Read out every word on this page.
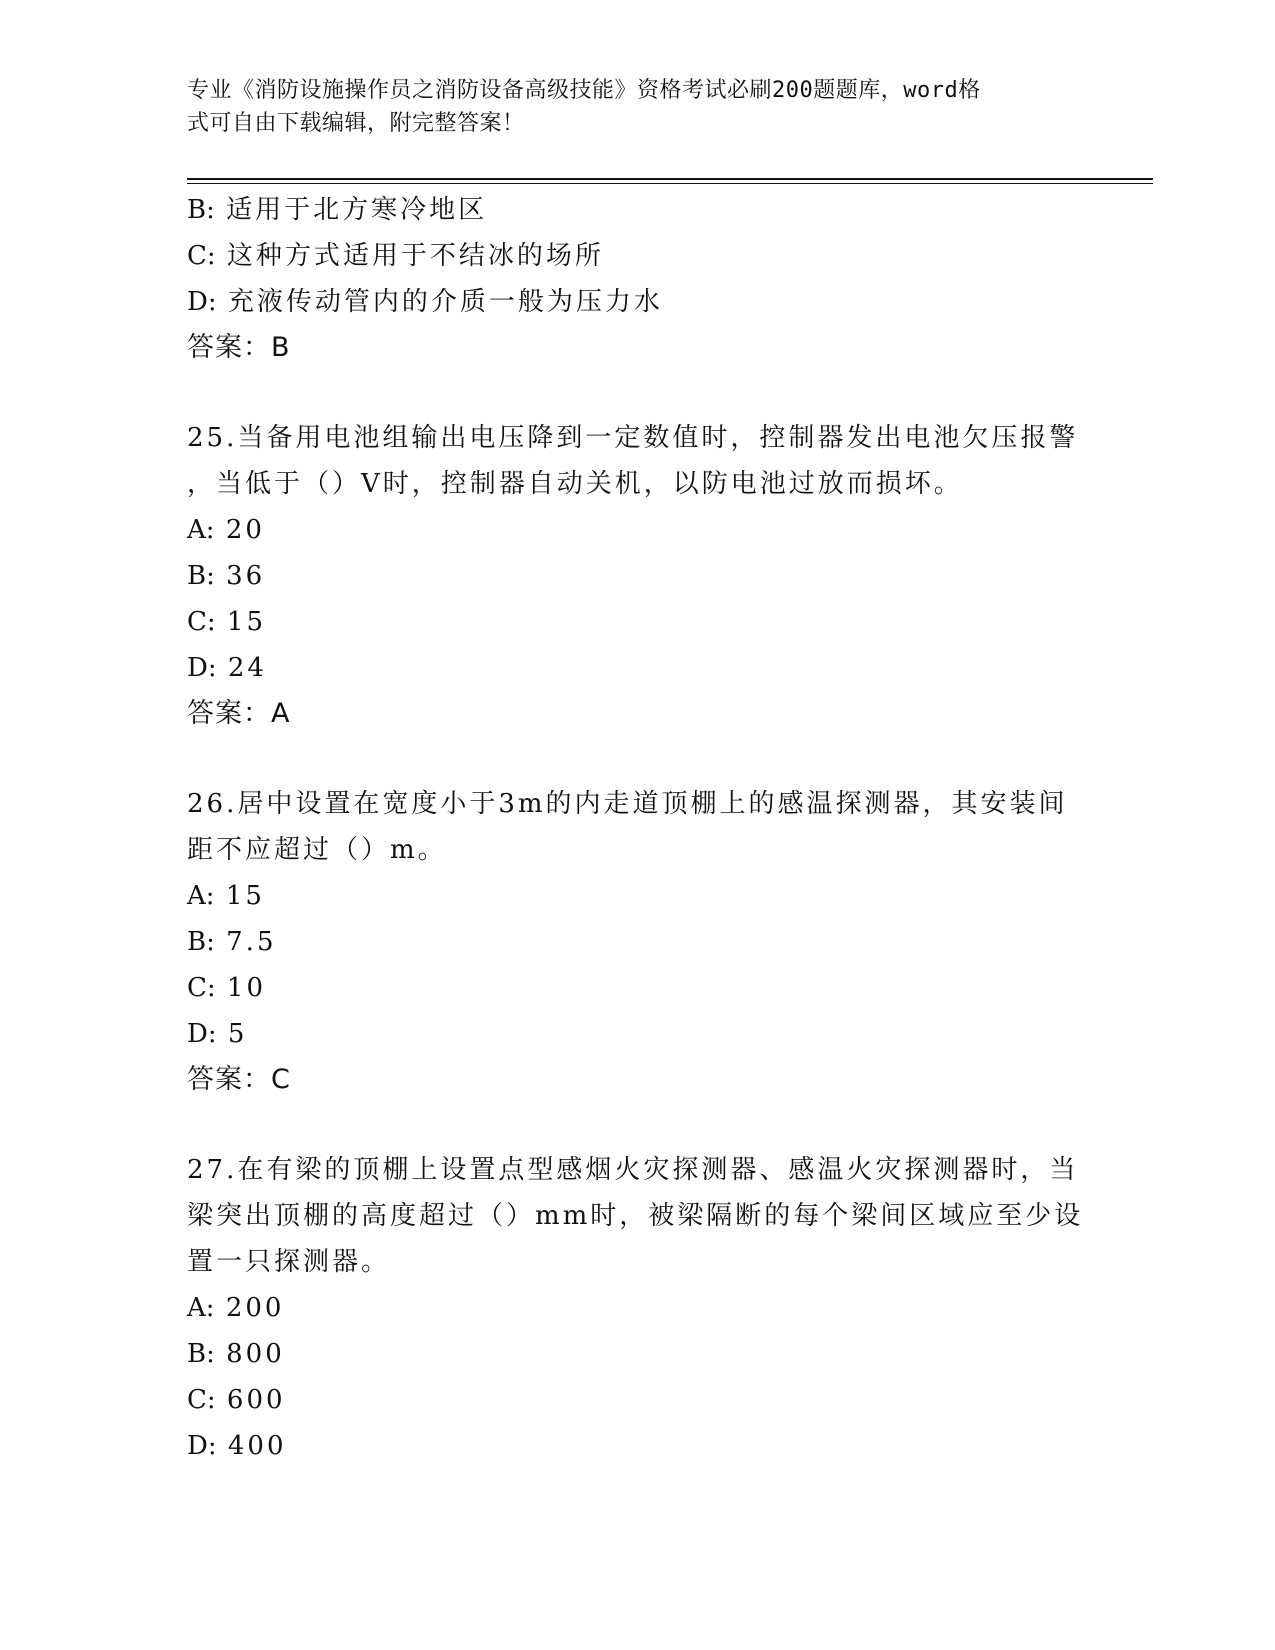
专业《消防设施操作员之消防设备高级技能》资格考试必刷200题题库，word格
式可自由下载编辑，附完整答案！
B: 适用于北方寒冷地区
C: 这种方式适用于不结冰的场所
D: 充液传动管内的介质一般为压力水
答案：B
25.当备用电池组输出电压降到一定数值时，控制器发出电池欠压报警
，当低于（）V时，控制器自动关机，以防电池过放而损坏。
A: 20
B: 36
C: 15
D: 24
答案：A
26.居中设置在宽度小于3m的内走道顶棚上的感温探测器，其安装间
距不应超过（）m。
A: 15
B: 7.5
C: 10
D: 5
答案：C
27.在有梁的顶棚上设置点型感烟火灾探测器、感温火灾探测器时，当
梁突出顶棚的高度超过（）mm时，被梁隔断的每个梁间区域应至少设
置一只探测器。
A: 200
B: 800
C: 600
D: 400
